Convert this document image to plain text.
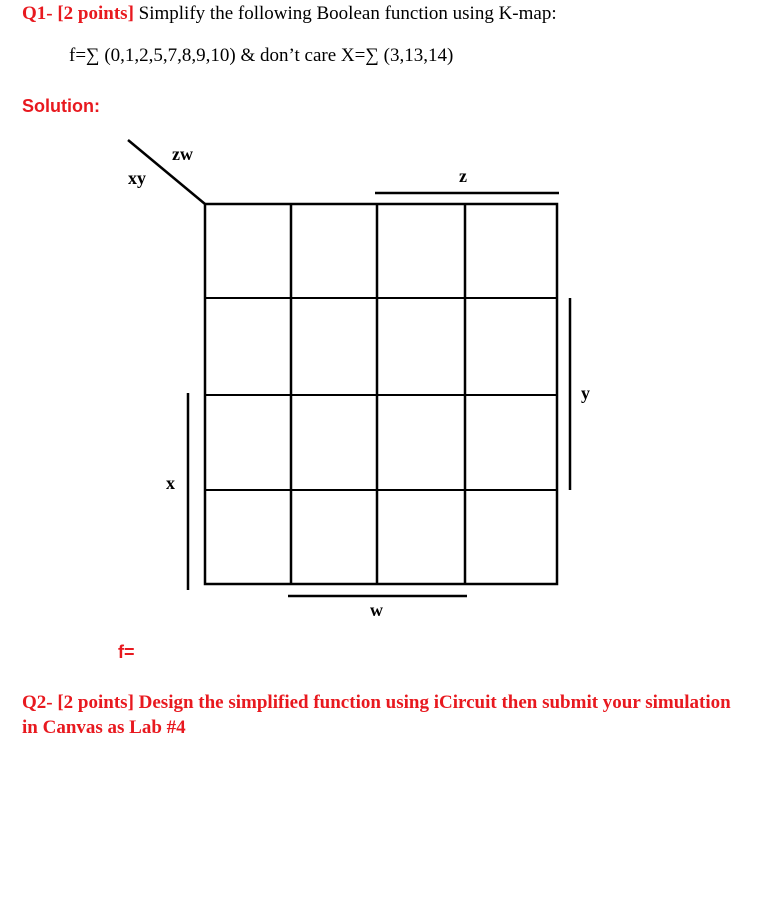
Q1- [2 points] Simplify the following Boolean function using K-map:
f=∑ (0,1,2,5,7,8,9,10) & don’t care X=∑ (3,13,14)
Solution:
zw
xy	z
y
x
w
f=
Q2- [2 points] Design the simplified function using iCircuit then submit your simulation in Canvas as Lab #4
